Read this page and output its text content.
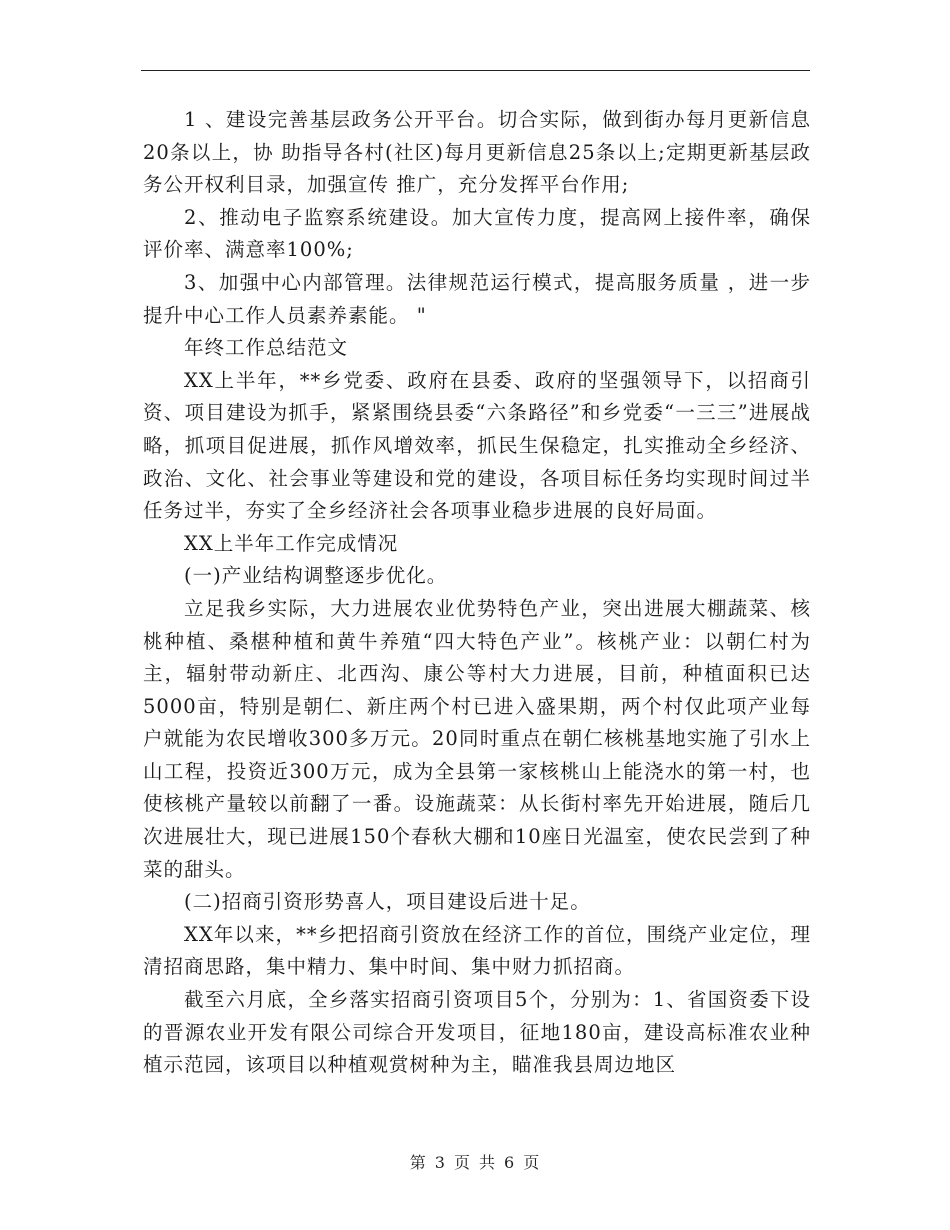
1 、建设完善基层政务公开平台。切合实际，做到街办每月更新信息20条以上，协 助指导各村(社区)每月更新信息25条以上;定期更新基层政务公开权利目录，加强宣传 推广，充分发挥平台作用;

2、推动电子监察系统建设。加大宣传力度，提高网上接件率，确保评价率、满意率100%;

3、加强中心内部管理。法律规范运行模式，提高服务质量 ，进一步提升中心工作人员素养素能。 "

年终工作总结范文

XX上半年，**乡党委、政府在县委、政府的坚强领导下，以招商引资、项目建设为抓手，紧紧围绕县委“六条路径”和乡党委“一三三”进展战略，抓项目促进展，抓作风增效率，抓民生保稳定，扎实推动全乡经济、政治、文化、社会事业等建设和党的建设，各项目标任务均实现时间过半任务过半，夯实了全乡经济社会各项事业稳步进展的良好局面。

XX上半年工作完成情况

(一)产业结构调整逐步优化。

立足我乡实际，大力进展农业优势特色产业，突出进展大棚蔬菜、核桃种植、桑椹种植和黄牛养殖“四大特色产业”。核桃产业：以朝仁村为主，辐射带动新庄、北西沟、康公等村大力进展，目前，种植面积已达5000亩，特别是朝仁、新庄两个村已进入盛果期，两个村仅此项产业每户就能为农民增收300多万元。20同时重点在朝仁核桃基地实施了引水上山工程，投资近300万元，成为全县第一家核桃山上能浇水的第一村，也使核桃产量较以前翻了一番。设施蔬菜：从长街村率先开始进展，随后几次进展壮大，现已进展150个春秋大棚和10座日光温室，使农民尝到了种菜的甜头。

(二)招商引资形势喜人，项目建设后进十足。

XX年以来，**乡把招商引资放在经济工作的首位，围绕产业定位，理清招商思路，集中精力、集中时间、集中财力抓招商。

截至六月底，全乡落实招商引资项目5个，分别为：1、省国资委下设的晋源农业开发有限公司综合开发项目，征地180亩，建设高标准农业种植示范园，该项目以种植观赏树种为主，瞄准我县周边地区

第 3 页 共 6 页
